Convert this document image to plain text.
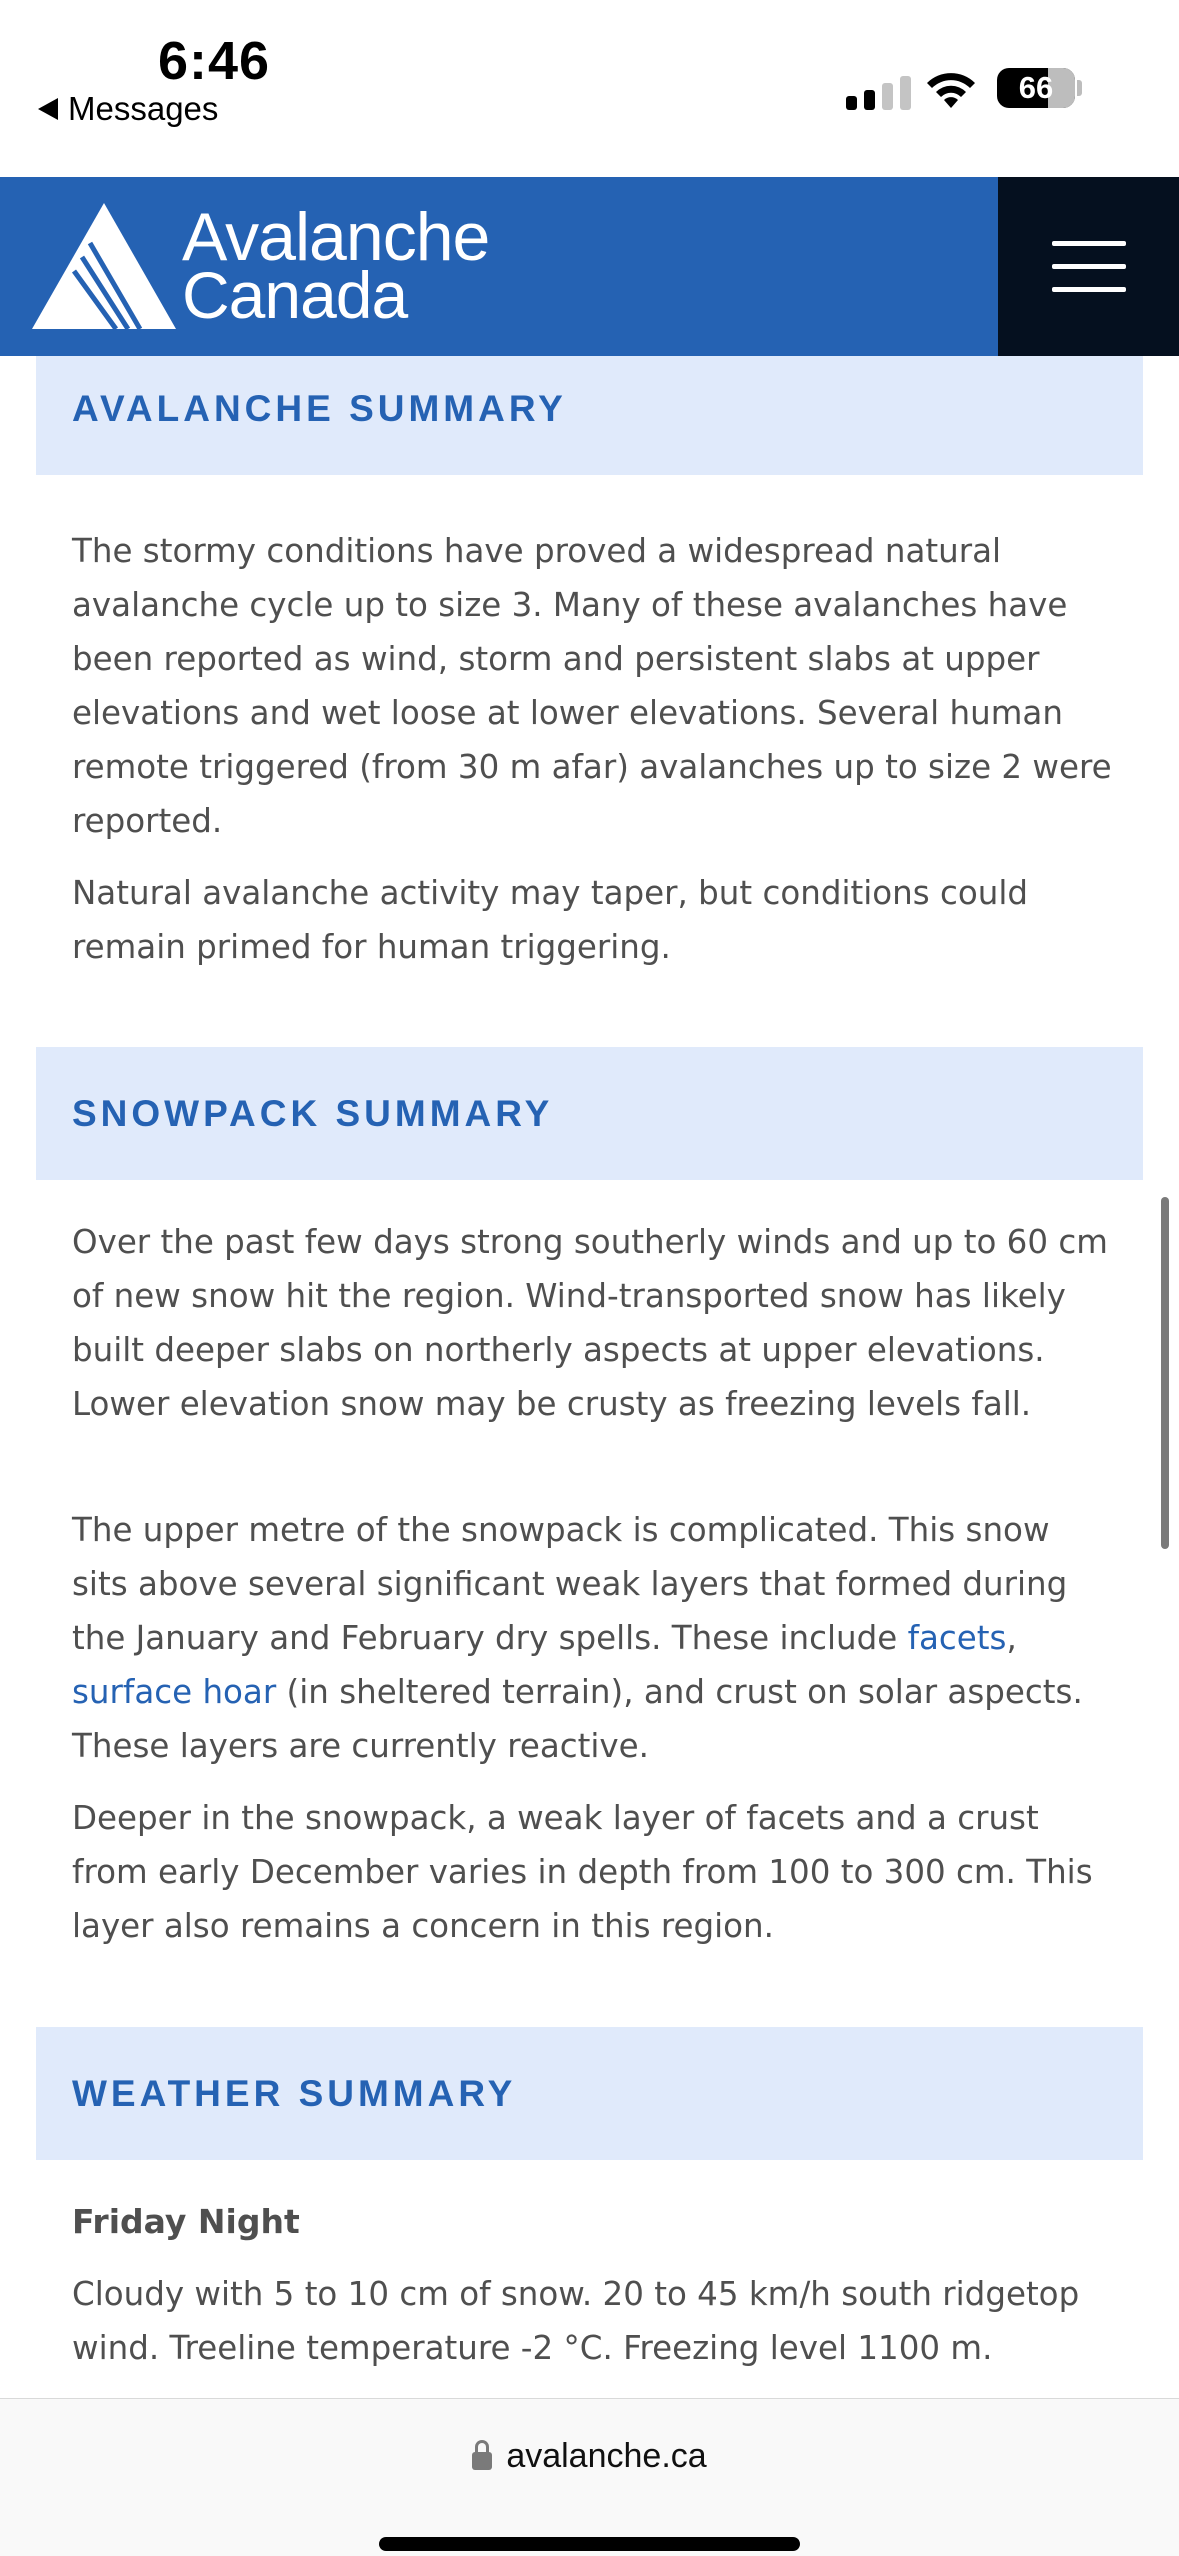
6:46
Messages
66
Avalanche
Canada
AVALANCHE SUMMARY

The stormy conditions have proved a widespread natural avalanche cycle up to size 3. Many of these avalanches have been reported as wind, storm and persistent slabs at upper elevations and wet loose at lower elevations. Several human remote triggered (from 30 m afar) avalanches up to size 2 were reported.

Natural avalanche activity may taper, but conditions could remain primed for human triggering.

SNOWPACK SUMMARY

Over the past few days strong southerly winds and up to 60 cm of new snow hit the region. Wind-transported snow has likely built deeper slabs on northerly aspects at upper elevations. Lower elevation snow may be crusty as freezing levels fall.

The upper metre of the snowpack is complicated. This snow sits above several significant weak layers that formed during the January and February dry spells. These include facets, surface hoar (in sheltered terrain), and crust on solar aspects. These layers are currently reactive.

Deeper in the snowpack, a weak layer of facets and a crust from early December varies in depth from 100 to 300 cm. This layer also remains a concern in this region.

WEATHER SUMMARY
Friday Night

Cloudy with 5 to 10 cm of snow. 20 to 45 km/h south ridgetop wind. Treeline temperature -2 °C. Freezing level 1100 m.

avalanche.ca
